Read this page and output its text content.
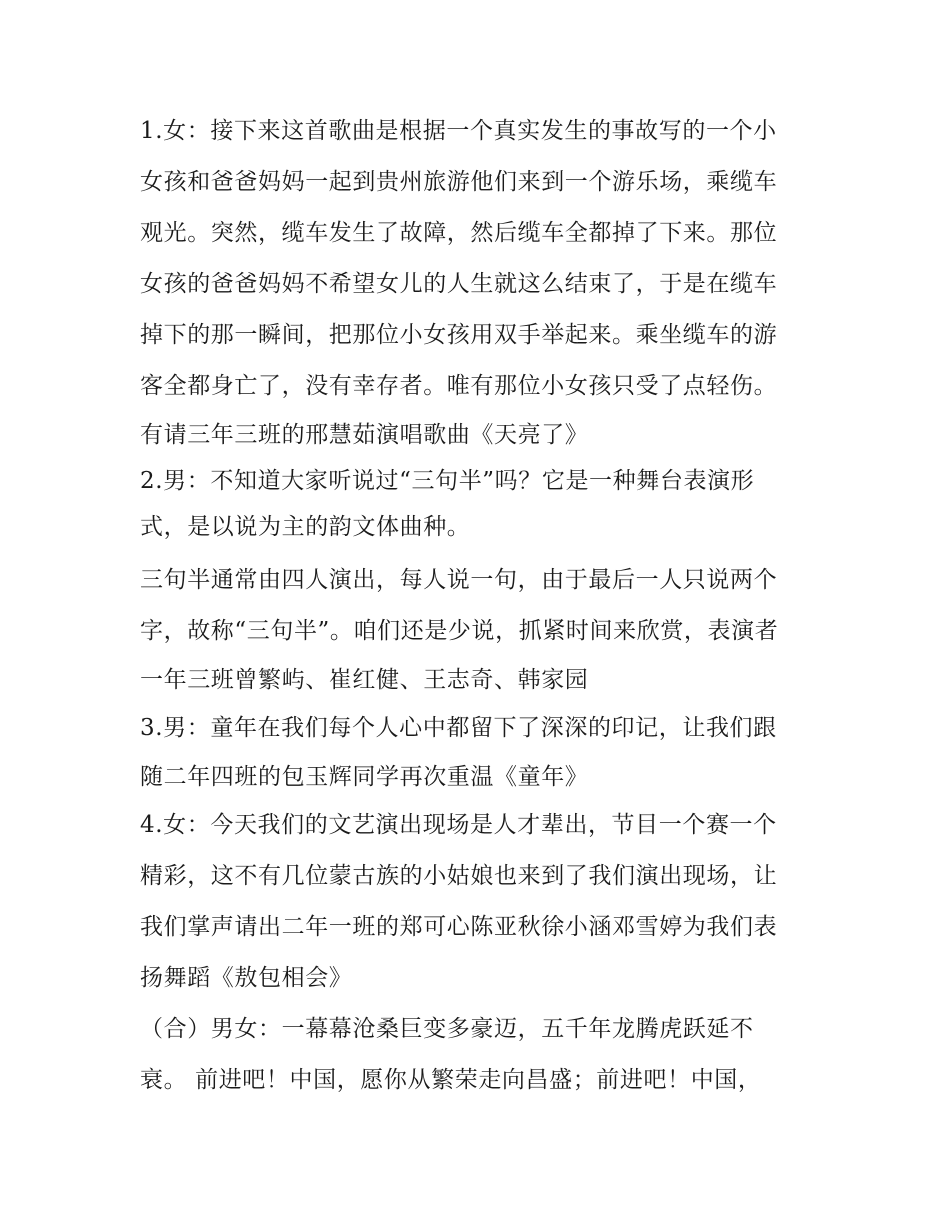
1.女：接下来这首歌曲是根据一个真实发生的事故写的一个小
女孩和爸爸妈妈一起到贵州旅游他们来到一个游乐场，乘缆车
观光。突然，缆车发生了故障，然后缆车全都掉了下来。那位
女孩的爸爸妈妈不希望女儿的人生就这么结束了，于是在缆车
掉下的那一瞬间，把那位小女孩用双手举起来。乘坐缆车的游
客全都身亡了，没有幸存者。唯有那位小女孩只受了点轻伤。
有请三年三班的邢慧茹演唱歌曲《天亮了》
2.男：不知道大家听说过“三句半”吗？它是一种舞台表演形
式，是以说为主的韵文体曲种。
三句半通常由四人演出，每人说一句，由于最后一人只说两个
字，故称“三句半”。咱们还是少说，抓紧时间来欣赏，表演者
一年三班曾繁屿、崔红健、王志奇、韩家园
3.男：童年在我们每个人心中都留下了深深的印记，让我们跟
随二年四班的包玉辉同学再次重温《童年》
4.女：今天我们的文艺演出现场是人才辈出，节目一个赛一个
精彩，这不有几位蒙古族的小姑娘也来到了我们演出现场，让
我们掌声请出二年一班的郑可心陈亚秋徐小涵邓雪婷为我们表
扬舞蹈《敖包相会》
（合）男女：一幕幕沧桑巨变多豪迈，五千年龙腾虎跃延不
衰。 前进吧！中国，愿你从繁荣走向昌盛；前进吧！中国，
